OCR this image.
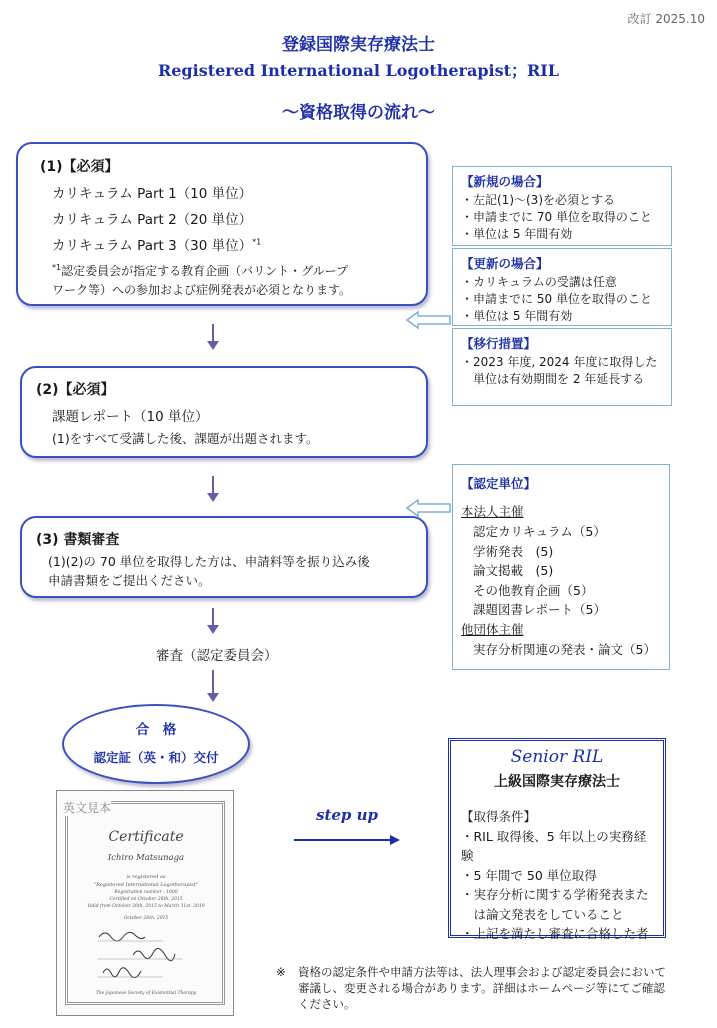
改訂 2025.10
登録国際実存療法士
Registered International Logotherapist；RIL
〜資格取得の流れ〜
(1)【必須】
カリキュラム Part 1（10 単位）
カリキュラム Part 2（20 単位）
カリキュラム Part 3（30 単位）$^{*1}$
$^{*1}$認定委員会が指定する教育企画（バリント・グループ
ワーク等）への参加および症例発表が必須となります。
(2)【必須】
課題レポート（10 単位）
(1)をすべて受講した後、課題が出題されます。
(3) 書類審査
(1)(2)の 70 単位を取得した方は、申請料等を振り込み後
申請書類をご提出ください。
審査（認定委員会）
合　格
認定証（英・和）交付
【新規の場合】
・左記(1)〜(3)を必須とする
・申請までに 70 単位を取得のこと
・単位は 5 年間有効
【更新の場合】
・カリキュラムの受講は任意
・申請までに 50 単位を取得のこと
・単位は 5 年間有効
【移行措置】
・2023 年度, 2024 年度に取得した
　単位は有効期間を 2 年延長する
【認定単位】
本法人主催
認定カリキュラム（5）
学術発表　(5)
論文掲載　(5)
その他教育企画（5）
課題図書レポート（5）
他団体主催
実存分析関連の発表・論文（5）
英文見本
Certificate
Ichiro Matsunaga
is registered as
"Registered International Logotherapist"
Registration number : 1000
Certified on October 26th, 2015
Valid from October 26th, 2015 to March 31st, 2019
October 26th, 2015
The Japanese Society of Existential Therapy
step up
Senior RIL
上級国際実存療法士
【取得条件】
・RIL 取得後、5 年以上の実務経
験
・5 年間で 50 単位取得
・実存分析に関する学術発表また
　は論文発表をしていること
・上記を満たし審査に合格した者
※ 資格の認定条件や申請方法等は、法人理事会および認定委員会において
審議し、変更される場合があります。詳細はホームページ等にてご確認
ください。
